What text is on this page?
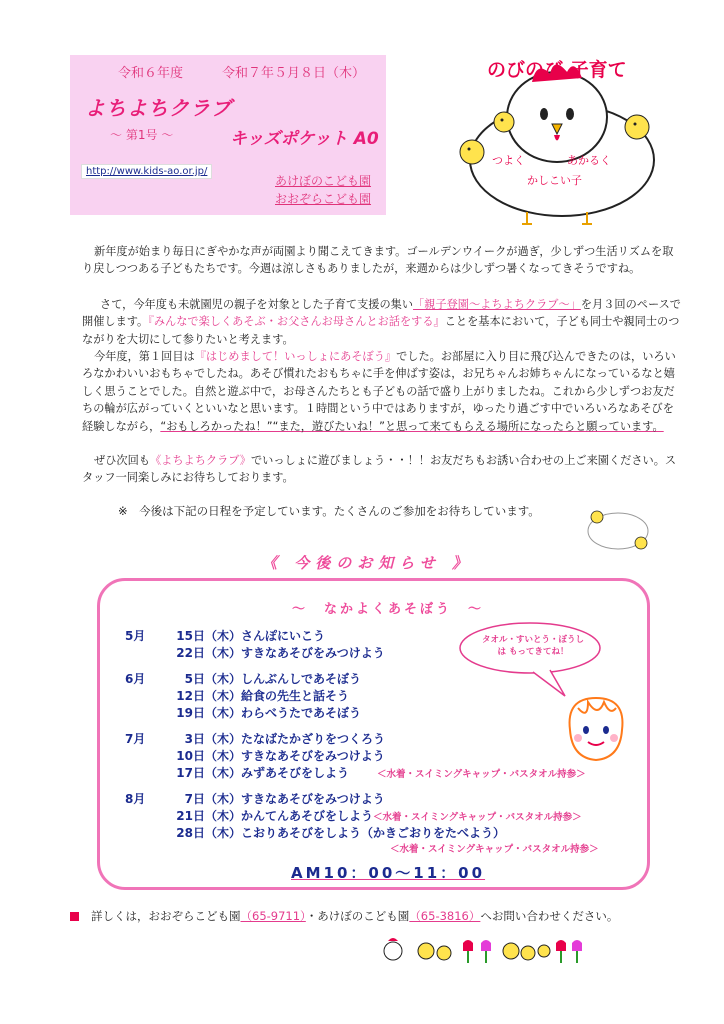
令和６年度	令和７年５月８日（木）
よちよちクラブ
～ 第1号 ～	キッズポケット A0
http://www.kids-ao.or.jp/
あけぼのこども園
おおぞらこども園
のびのび 子育て
つよく	あかるく
かしこい子
新年度が始まり毎日にぎやかな声が両園より聞こえてきます。ゴールデンウイークが過ぎ，少しずつ生活リズムを取り戻しつつある子どもたちです。今週は涼しさもありましたが，来週からは少しずつ暑くなってきそうですね。
さて，今年度も未就園児の親子を対象とした子育て支援の集い「親子登園～よちよちクラブ～」を月３回のペースで開催します。『みんなで楽しくあそぶ・お父さんお母さんとお話をする』ことを基本において，子ども同士や親同士のつながりを大切にして参りたいと考えます。
今年度，第１回目は『はじめまして！いっしょにあそぼう』でした。お部屋に入り目に飛び込んできたのは，いろいろなかわいいおもちゃでしたね。あそび慣れたおもちゃに手を伸ばす姿は，お兄ちゃんお姉ちゃんになっているなと嬉しく思うことでした。自然と遊ぶ中で，お母さんたちとも子どもの話で盛り上がりましたね。これから少しずつお友だちの輪が広がっていくといいなと思います。１時間という中ではありますが，ゆったり過ごす中でいろいろなあそびを経験しながら，“おもしろかったね！”“また，遊びたいね！”と思って来てもらえる場所になったらと願っています。
ぜひ次回も《よちよちクラブ》でいっしょに遊びましょう・・！！お友だちもお誘い合わせの上ご来園ください。スタッフ一同楽しみにお待ちしております。
※　今後は下記の日程を予定しています。たくさんのご参加をお待ちしています。
《 今後のお知らせ 》
～　なかよくあそぼう　～
タオル・すいとう・ぼうしは もってきてね！
5月	15日（木）さんぽにいこう
22日（木）すきなあそびをみつけよう
6月	5日（木）しんぶんしであそぼう
12日（木）給食の先生と話そう
19日（木）わらべうたであそぼう
7月	3日（木）たなばたかざりをつくろう
10日（木）すきなあそびをみつけよう
17日（木）みずあそびをしよう	＜水着・スイミングキャップ・バスタオル持参＞
8月	7日（木）すきなあそびをみつけよう
21日（木）かんてんあそびをしよう＜水着・スイミングキャップ・バスタオル持参＞
28日（木）こおりあそびをしよう（かきごおりをたべよう）
＜水着・スイミングキャップ・バスタオル持参＞
AM10：00～11：00
詳しくは，おおぞらこども園（65-9711）・あけぼのこども園（65-3816）へお問い合わせください。
